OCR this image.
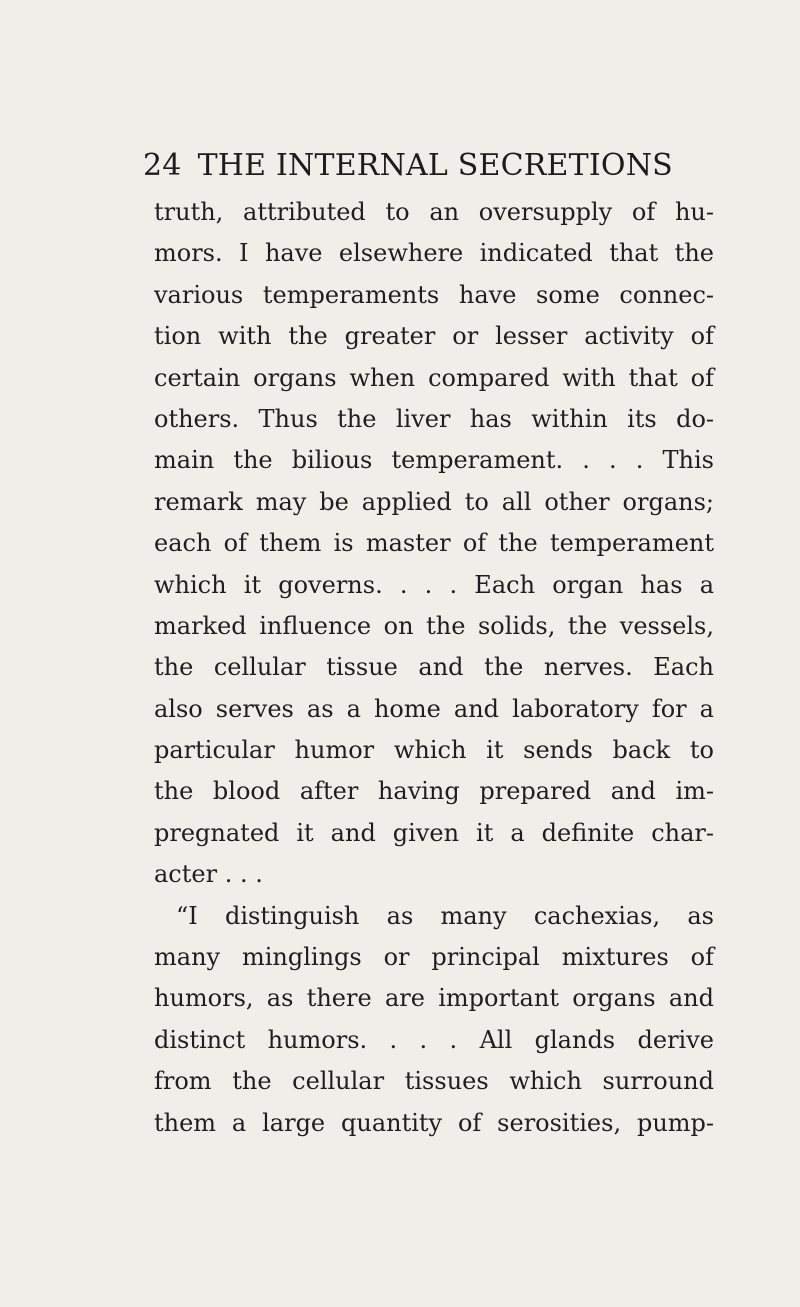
24 THE INTERNAL SECRETIONS
truth, attributed to an oversupply of hu-
mors. I have elsewhere indicated that the
various temperaments have some connec-
tion with the greater or lesser activity of
certain organs when compared with that of
others. Thus the liver has within its do-
main the bilious temperament. . . . This
remark may be applied to all other organs;
each of them is master of the temperament
which it governs. . . . Each organ has a
marked influence on the solids, the vessels,
the cellular tissue and the nerves. Each
also serves as a home and laboratory for a
particular humor which it sends back to
the blood after having prepared and im-
pregnated it and given it a definite char-
acter . . .
“I distinguish as many cachexias, as
many minglings or principal mixtures of
humors, as there are important organs and
distinct humors. . . . All glands derive
from the cellular tissues which surround
them a large quantity of serosities, pump-
